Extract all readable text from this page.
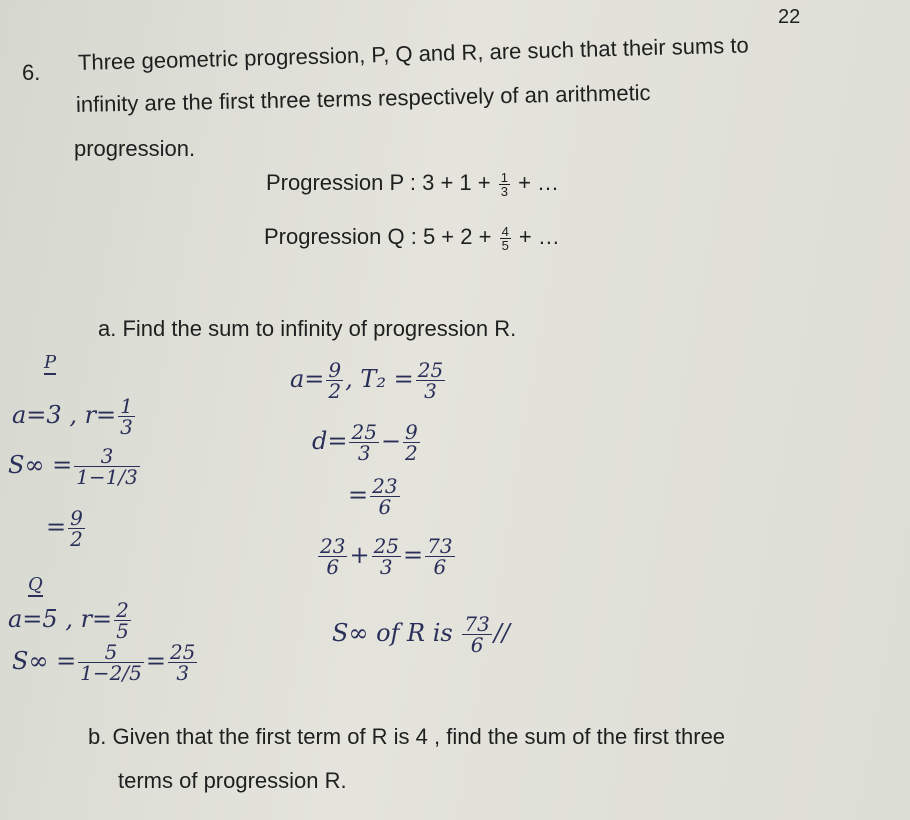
22
6. Three geometric progression, P, Q and R, are such that their sums to
infinity are the first three terms respectively of an arithmetic
progression.
Progression P : $3 + 1 + \frac{1}{3}$ + …
Progression Q : $5 + 2 + \frac{4}{5}$ + …
a. Find the sum to infinity of progression R.
P
a=3 , $r= \frac{1}{3}$
$S\infty = \frac{3}{1-1/3}$
= $\frac{9}{2}$
Q
a=5 , $r= \frac{2}{5}$
$S\infty = \frac{5}{1-2/5} = \frac{25}{3}$
$a= \frac{9}{2}$ , $T_2 = \frac{25}{3}$
$d= \frac{25}{3} - \frac{9}{2}$
= $\frac{23}{6}$
$\frac{23}{6} + \frac{25}{3} = \frac{73}{6}$
S∞ of R is $\frac{73}{6}$ //
b. Given that the first term of R is 4 , find the sum of the first three
terms of progression R.
